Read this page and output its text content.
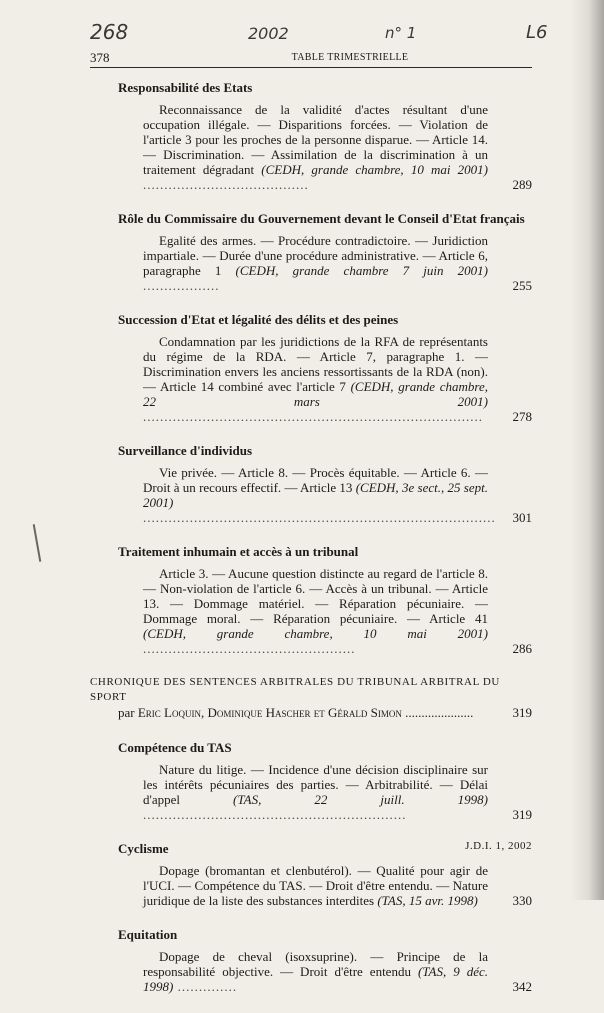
268	2002	n° 1	L6
378	TABLE TRIMESTRIELLE
Responsabilité des Etats
Reconnaissance de la validité d'actes résultant d'une occupation illégale. — Disparitions forcées. — Violation de l'article 3 pour les proches de la personne disparue. — Article 14. — Discrimination. — Assimilation de la discrimination à un traitement dégradant (CEDH, grande chambre, 10 mai 2001) .......................................	289
Rôle du Commissaire du Gouvernement devant le Conseil d'Etat français
Egalité des armes. — Procédure contradictoire. — Juridiction impartiale. — Durée d'une procédure administrative. — Article 6, paragraphe 1 (CEDH, grande chambre 7 juin 2001) ..................	255
Succession d'Etat et légalité des délits et des peines
Condamnation par les juridictions de la RFA de représentants du régime de la RDA. — Article 7, paragraphe 1. — Discrimination envers les anciens ressortissants de la RDA (non). — Article 14 combiné avec l'article 7 (CEDH, grande chambre, 22 mars 2001) ................................................................................	278
Surveillance d'individus
Vie privée. — Article 8. — Procès équitable. — Article 6. — Droit à un recours effectif. — Article 13 (CEDH, 3e sect., 25 sept. 2001) ...................................................................................	301
Traitement inhumain et accès à un tribunal
Article 3. — Aucune question distincte au regard de l'article 8. — Non-violation de l'article 6. — Accès à un tribunal. — Article 13. — Dommage matériel. — Réparation pécuniaire. — Dommage moral. — Réparation pécuniaire. — Article 41 (CEDH, grande chambre, 10 mai 2001) ..................................................	286
CHRONIQUE DES SENTENCES ARBITRALES DU TRIBUNAL ARBITRAL DU SPORT
par Eric Loquin, Dominique Hascher et Gérald Simon .....................	319
Compétence du TAS
Nature du litige. — Incidence d'une décision disciplinaire sur les intérêts pécuniaires des parties. — Arbitrabilité. — Délai d'appel (TAS, 22 juill. 1998) ..............................................................	319
Cyclisme
Dopage (bromantan et clenbutérol). — Qualité pour agir de l'UCI. — Compétence du TAS. — Droit d'être entendu. — Nature juridique de la liste des substances interdites (TAS, 15 avr. 1998)	330
Equitation
Dopage de cheval (isoxsuprine). — Principe de la responsabilité objective. — Droit d'être entendu (TAS, 9 déc. 1998) ..............	342
J.D.I. 1, 2002
